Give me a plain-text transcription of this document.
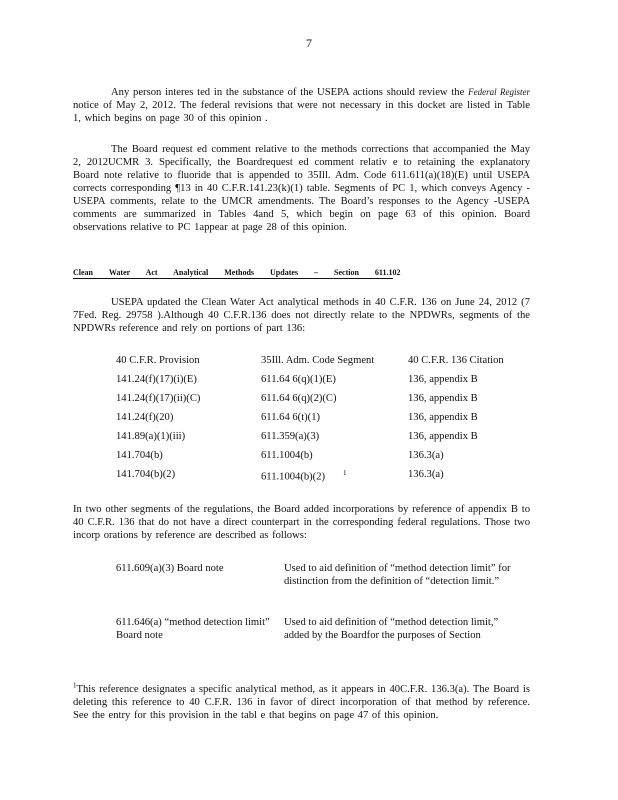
7

Any person interes ted in the substance of the USEPA actions should review the Federal Register notice of May 2, 2012. The federal revisions that were not necessary in this docket are listed in Table 1, which begins on page 30 of this opinion .

The Board request ed comment relative to the methods corrections that accompanied the May 2, 2012UCMR 3. Specifically, the Boardrequest ed comment relativ e to retaining the explanatory Board note relative to fluoride that is appended to 35Ill. Adm. Code 611.611(a)(18)(E) until USEPA corrects corresponding ¶13 in 40 C.F.R.141.23(k)(1) table. Segments of PC 1, which conveys Agency - USEPA comments, relate to the UMCR amendments. The Board’s responses to the Agency -USEPA comments are summarized in Tables 4and 5, which begin on page 63 of this opinion. Board observations relative to PC 1appear at page 28 of this opinion.

Clean Water Act Analytical Methods Updates – Section 611.102

USEPA updated the Clean Water Act analytical methods in 40 C.F.R. 136 on June 24, 2012 (7 7Fed. Reg. 29758 ).Although 40 C.F.R.136 does not directly relate to the NPDWRs, segments of the NPDWRs reference and rely on portions of part 136:

40 C.F.R. Provision	35Ill. Adm. Code Segment	40 C.F.R. 136 Citation
141.24(f)(17)(i)(E)	611.64 6(q)(1)(E)	136, appendix B
141.24(f)(17)(ii)(C)	611.64 6(q)(2)(C)	136, appendix B
141.24(f)(20)	611.64 6(t)(1)	136, appendix B
141.89(a)(1)(iii)	611.359(a)(3)	136, appendix B
141.704(b)	611.1004(b)	136.3(a)
141.704(b)(2)	611.1004(b)(2) $^1$	136.3(a)

In two other segments of the regulations, the Board added incorporations by reference of appendix B to 40 C.F.R. 136 that do not have a direct counterpart in the corresponding federal regulations. Those two incorp orations by reference are described as follows:

611.609(a)(3) Board note	Used to aid definition of “method detection limit” for distinction from the definition of “detection limit.”
611.646(a) “method detection limit” Board note	Used to aid definition of “method detection limit,” added by the Boardfor the purposes of Section

$^1$This reference designates a specific analytical method, as it appears in 40C.F.R. 136.3(a). The Board is deleting this reference to 40 C.F.R. 136 in favor of direct incorporation of that method by reference. See the entry for this provision in the tabl e that begins on page 47 of this opinion.
